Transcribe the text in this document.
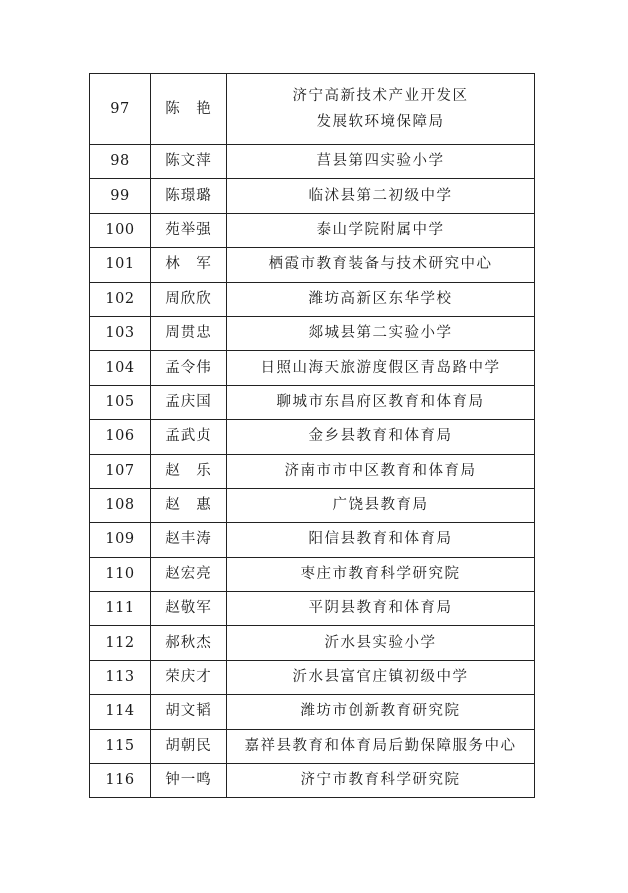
97	陈　艳	济宁高新技术产业开发区
发展软环境保障局

98	陈文萍	莒县第四实验小学
99	陈璟璐	临沭县第二初级中学
100	苑举强	泰山学院附属中学
101	林　军	栖霞市教育装备与技术研究中心
102	周欣欣	潍坊高新区东华学校
103	周贯忠	郯城县第二实验小学
104	孟令伟	日照山海天旅游度假区青岛路中学
105	孟庆国	聊城市东昌府区教育和体育局
106	孟武贞	金乡县教育和体育局
107	赵　乐	济南市市中区教育和体育局
108	赵　惠	广饶县教育局
109	赵丰涛	阳信县教育和体育局
110	赵宏亮	枣庄市教育科学研究院
111	赵敬军	平阴县教育和体育局
112	郝秋杰	沂水县实验小学
113	荣庆才	沂水县富官庄镇初级中学
114	胡文韬	潍坊市创新教育研究院
115	胡朝民	嘉祥县教育和体育局后勤保障服务中心
116	钟一鸣	济宁市教育科学研究院
